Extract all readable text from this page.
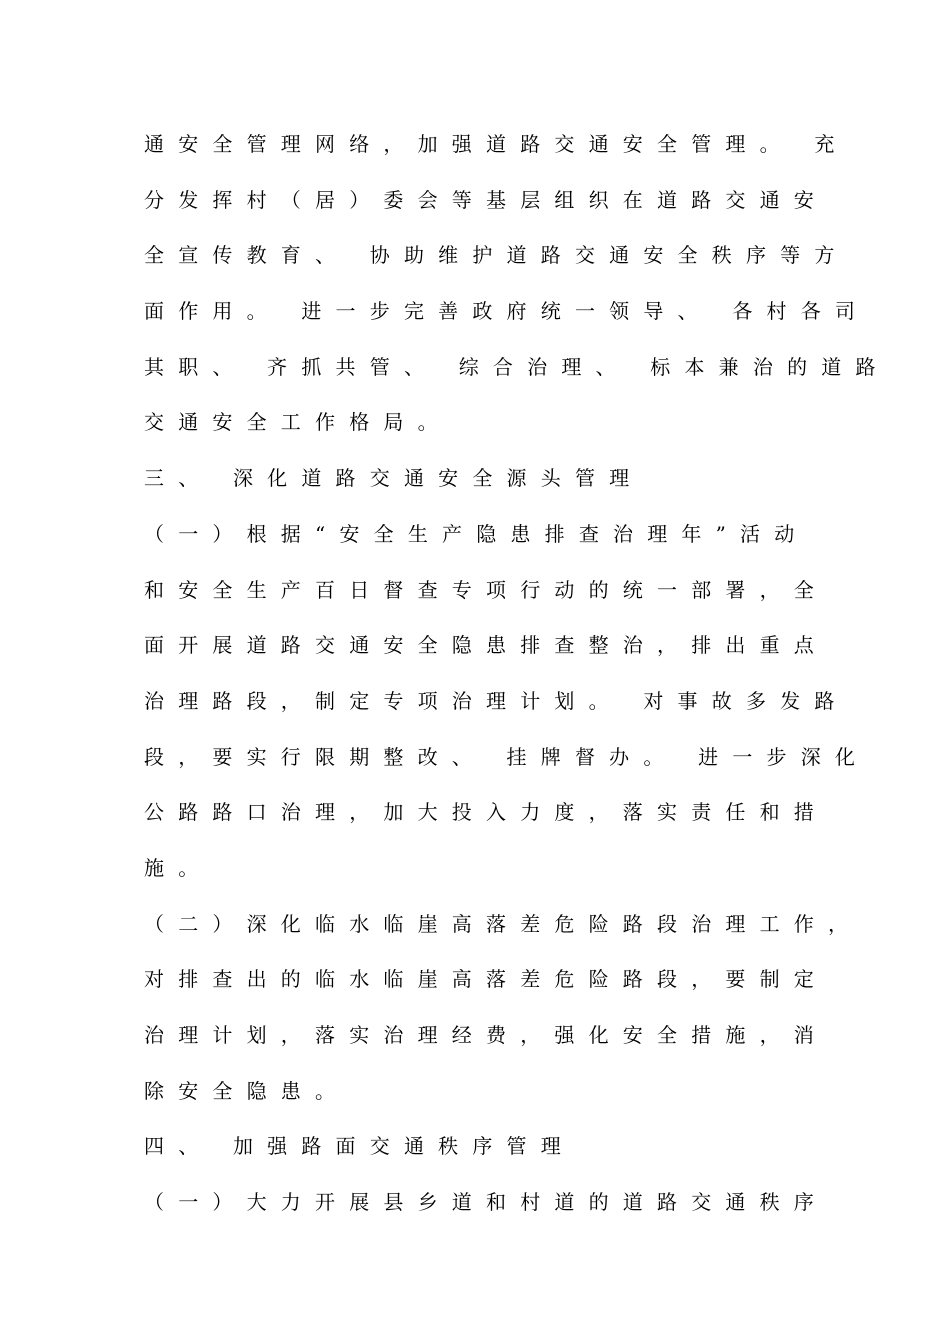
通安全管理网络，加强道路交通安全管理。 充
分发挥村（居）委会等基层组织在道路交通安
全宣传教育、 协助维护道路交通安全秩序等方
面作用。 进一步完善政府统一领导、 各村各司
其职、 齐抓共管、 综合治理、 标本兼治的道路
交通安全工作格局。
三、 深化道路交通安全源头管理
（一）根据“安全生产隐患排查治理年”活动
和安全生产百日督查专项行动的统一部署，全
面开展道路交通安全隐患排查整治，排出重点
治理路段，制定专项治理计划。 对事故多发路
段，要实行限期整改、 挂牌督办。 进一步深化
公路路口治理，加大投入力度，落实责任和措
施。
（二）深化临水临崖高落差危险路段治理工作，
对排查出的临水临崖高落差危险路段，要制定
治理计划，落实治理经费，强化安全措施，消
除安全隐患。
四、 加强路面交通秩序管理
（一）大力开展县乡道和村道的道路交通秩序
